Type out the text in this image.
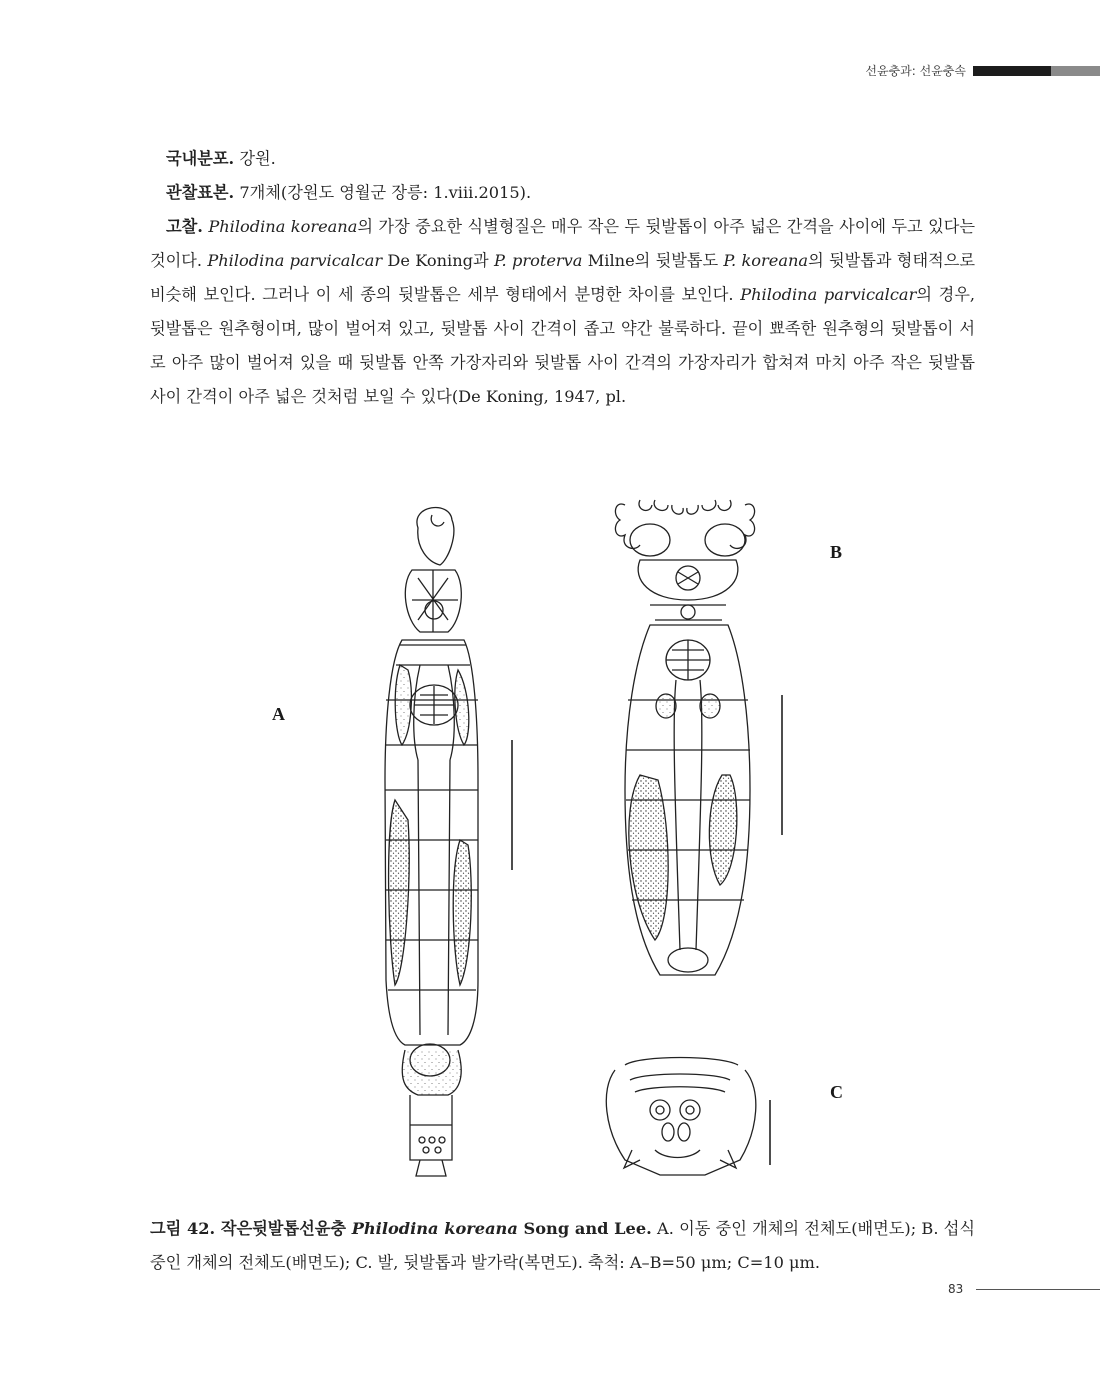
선윤충과: 선윤충속

국내분포. 강원.

관찰표본. 7개체(강원도 영월군 장릉: 1.viii.2015).

고찰. Philodina koreana의 가장 중요한 식별형질은 매우 작은 두 뒷발톱이 아주 넓은 간격을 사이에 두고 있다는 것이다. Philodina parvicalcar De Koning과 P. proterva Milne의 뒷발톱도 P. koreana의 뒷발톱과 형태적으로 비슷해 보인다. 그러나 이 세 종의 뒷발톱은 세부 형태에서 분명한 차이를 보인다. Philodina parvicalcar의 경우, 뒷발톱은 원추형이며, 많이 벌어져 있고, 뒷발톱 사이 간격이 좁고 약간 불룩하다. 끝이 뾰족한 원추형의 뒷발톱이 서로 아주 많이 벌어져 있을 때 뒷발톱 안쪽 가장자리와 뒷발톱 사이 간격의 가장자리가 합쳐져 마치 아주 작은 뒷발톱 사이 간격이 아주 넓은 것처럼 보일 수 있다(De Koning, 1947, pl.

A
B
C
그림 42. 작은뒷발톱선윤충 Philodina koreana Song and Lee. A. 이동 중인 개체의 전체도(배면도); B. 섭식 중인 개체의 전체도(배면도); C. 발, 뒷발톱과 발가락(복면도). 축척: A–B=50 μm; C=10 μm.
83
